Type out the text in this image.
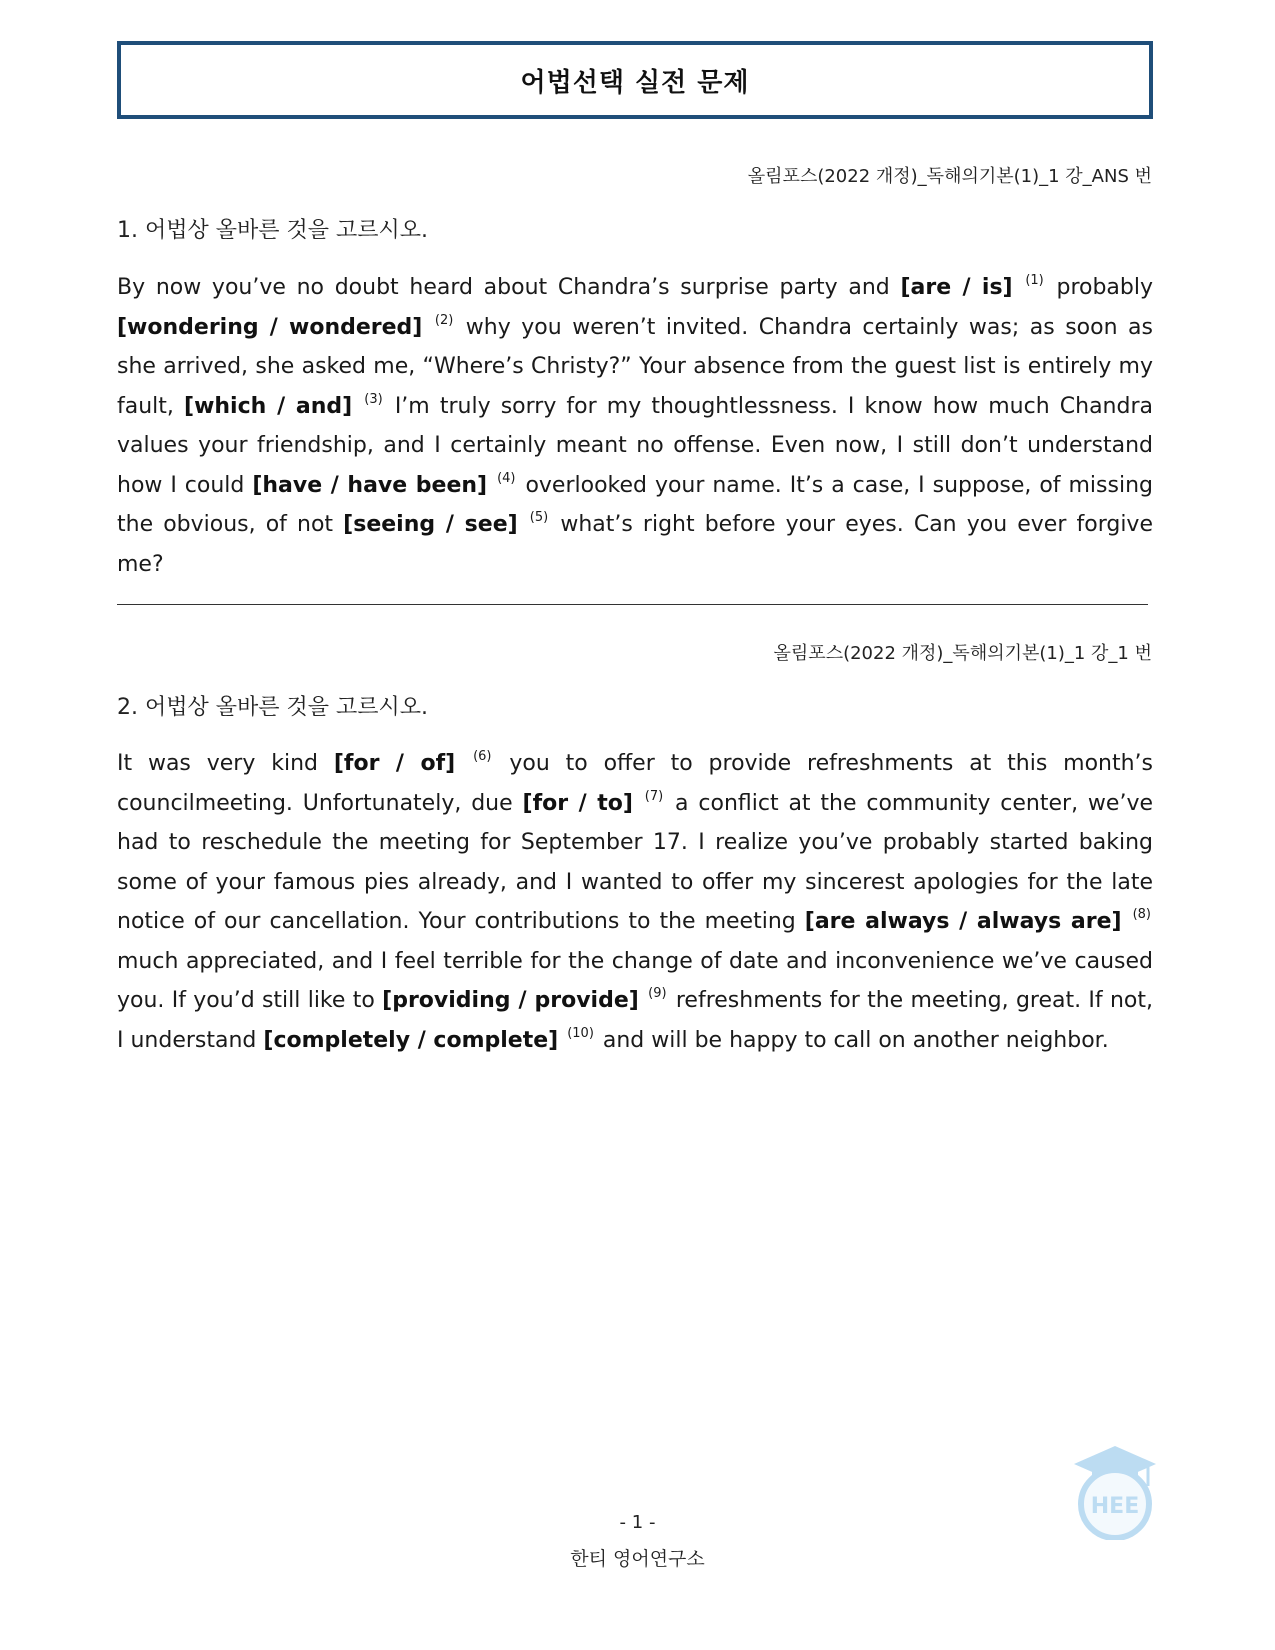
어법선택 실전 문제
올림포스(2022 개정)_독해의기본(1)_1 강_ANS 번
1. 어법상 올바른 것을 고르시오.

By now you’ve no doubt heard about Chandra’s surprise party and [are / is] $^{(1)}$ probably [wondering / wondered] $^{(2)}$ why you weren’t invited. Chandra certainly was; as soon as she arrived, she asked me, “Where’s Christy?” Your absence from the guest list is entirely my fault, [which / and] $^{(3)}$ I’m truly sorry for my thoughtlessness. I know how much Chandra values your friendship, and I certainly meant no offense. Even now, I still don’t understand how I could [have / have been] $^{(4)}$ overlooked your name. It’s a case, I suppose, of missing the obvious, of not [seeing / see] $^{(5)}$ what’s right before your eyes. Can you ever forgive me?

올림포스(2022 개정)_독해의기본(1)_1 강_1 번
2. 어법상 올바른 것을 고르시오.

It was very kind [for / of] $^{(6)}$ you to offer to provide refreshments at this month’s councilmeeting. Unfortunately, due [for / to] $^{(7)}$ a conflict at the community center, we’ve had to reschedule the meeting for September 17. I realize you’ve probably started baking some of your famous pies already, and I wanted to offer my sincerest apologies for the late notice of our cancellation. Your contributions to the meeting [are always / always are] $^{(8)}$ much appreciated, and I feel terrible for the change of date and inconvenience we’ve caused you. If you’d still like to [providing / provide] $^{(9)}$ refreshments for the meeting, great. If not, I understand [completely / complete] $^{(10)}$ and will be happy to call on another neighbor.

- 1 -
한티 영어연구소
HEE
